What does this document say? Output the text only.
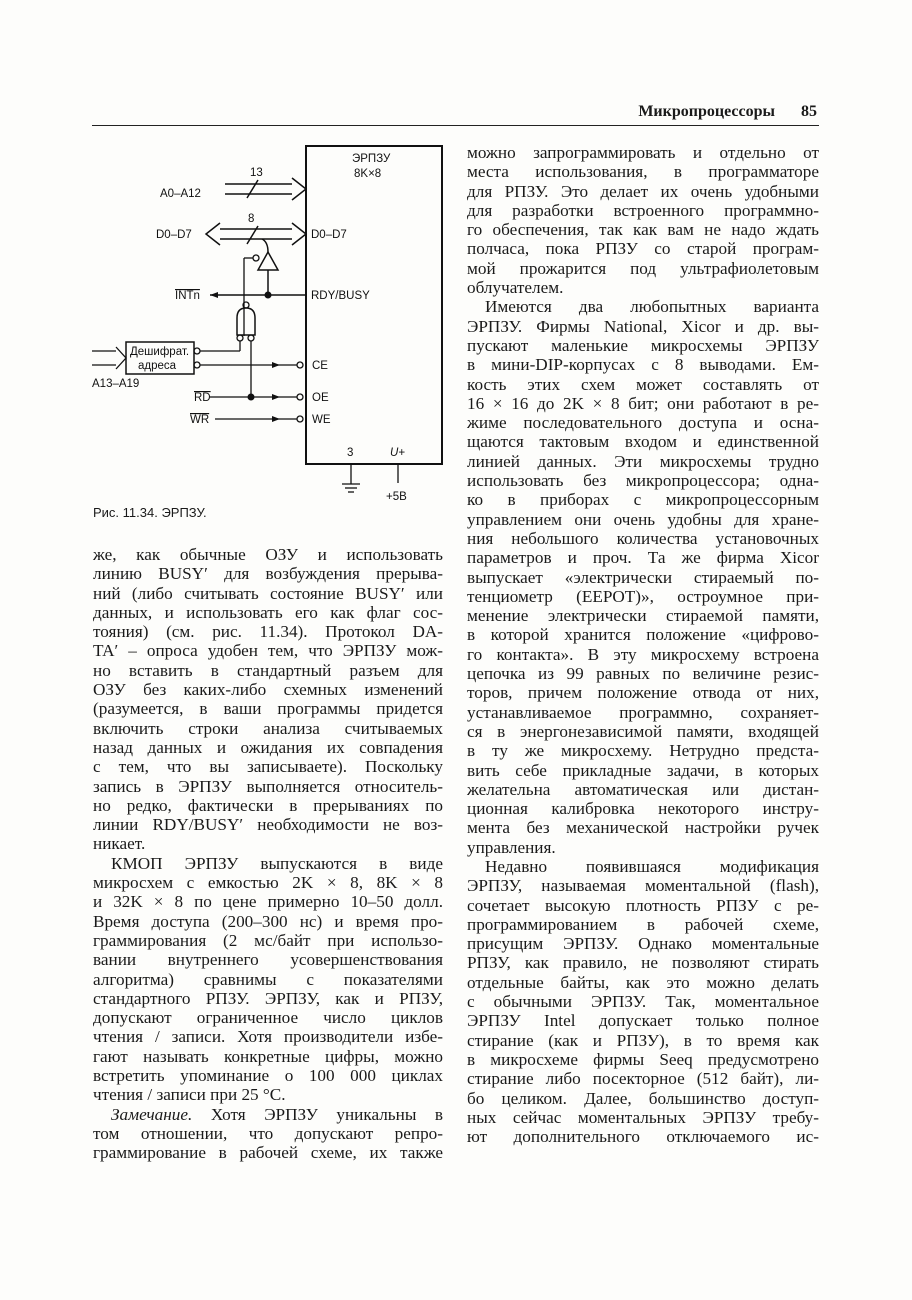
Микропроцессоры 85
ЭРПЗУ
8K×8
13
A0–A12
8
D0–D7	D0–D7
RDY/BUSY
INTn
Дешифрат.
адреса
A13–A19
CE
RD	OE
WR	WE
3	U+
+5В
Рис. 11.34. ЭРПЗУ.
же, как обычные ОЗУ и использовать
линию BUSY′ для возбуждения прерыва-
ний (либо считывать состояние BUSY′ или
данных, и использовать его как флаг сос-
тояния) (см. рис. 11.34). Протокол DA-
TA′ – опроса удобен тем, что ЭРПЗУ мож-
но вставить в стандартный разъем для
ОЗУ без каких-либо схемных изменений
(разумеется, в ваши программы придется
включить строки анализа считываемых
назад данных и ожидания их совпадения
с тем, что вы записываете). Поскольку
запись в ЭРПЗУ выполняется относитель-
но редко, фактически в прерываниях по
линии RDY/BUSY′ необходимости не воз-
никает.
КМОП ЭРПЗУ выпускаются в виде
микросхем с емкостью 2K × 8, 8K × 8
и 32K × 8 по цене примерно 10–50 долл.
Время доступа (200–300 нс) и время про-
граммирования (2 мс/байт при использо-
вании внутреннего усовершенствования
алгоритма) сравнимы с показателями
стандартного РПЗУ. ЭРПЗУ, как и РПЗУ,
допускают ограниченное число циклов
чтения / записи. Хотя производители избе-
гают называть конкретные цифры, можно
встретить упоминание о 100 000 циклах
чтения / записи при 25 °C.
Замечание. Хотя ЭРПЗУ уникальны в
том отношении, что допускают репро-
граммирование в рабочей схеме, их также
можно запрограммировать и отдельно от
места использования, в программаторе
для РПЗУ. Это делает их очень удобными
для разработки встроенного программно-
го обеспечения, так как вам не надо ждать
полчаса, пока РПЗУ со старой програм-
мой прожарится под ультрафиолетовым
облучателем.
Имеются два любопытных варианта
ЭРПЗУ. Фирмы National, Xicor и др. вы-
пускают маленькие микросхемы ЭРПЗУ
в мини-DIP-корпусах с 8 выводами. Ем-
кость этих схем может составлять от
16 × 16 до 2K × 8 бит; они работают в ре-
жиме последовательного доступа и осна-
щаются тактовым входом и единственной
линией данных. Эти микросхемы трудно
использовать без микропроцессора; одна-
ко в приборах с микропроцессорным
управлением они очень удобны для хране-
ния небольшого количества установочных
параметров и проч. Та же фирма Xicor
выпускает «электрически стираемый по-
тенциометр (EEPOT)», остроумное при-
менение электрически стираемой памяти,
в которой хранится положение «цифрово-
го контакта». В эту микросхему встроена
цепочка из 99 равных по величине резис-
торов, причем положение отвода от них,
устанавливаемое программно, сохраняет-
ся в энергонезависимой памяти, входящей
в ту же микросхему. Нетрудно предста-
вить себе прикладные задачи, в которых
желательна автоматическая или дистан-
ционная калибровка некоторого инстру-
мента без механической настройки ручек
управления.
Недавно появившаяся модификация
ЭРПЗУ, называемая моментальной (flash),
сочетает высокую плотность РПЗУ с ре-
программированием в рабочей схеме,
присущим ЭРПЗУ. Однако моментальные
РПЗУ, как правило, не позволяют стирать
отдельные байты, как это можно делать
с обычными ЭРПЗУ. Так, моментальное
ЭРПЗУ Intel допускает только полное
стирание (как и РПЗУ), в то время как
в микросхеме фирмы Seeq предусмотрено
стирание либо посекторное (512 байт), ли-
бо целиком. Далее, большинство доступ-
ных сейчас моментальных ЭРПЗУ требу-
ют дополнительного отключаемого ис-
